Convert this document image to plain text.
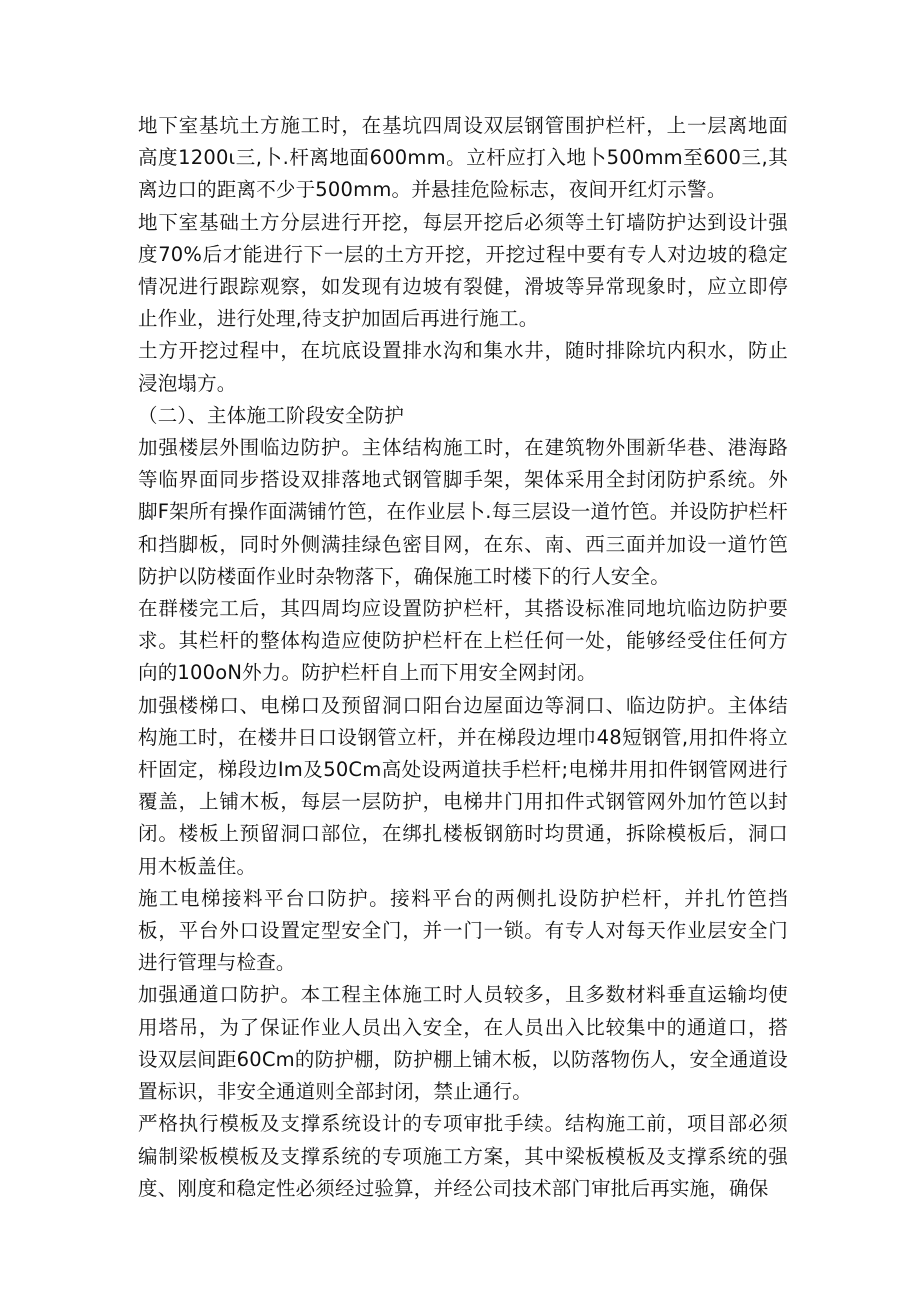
地下室基坑土方施工时，在基坑四周设双层钢管围护栏杆，上一层离地面高度1200ι三,卜.杆离地面600mm。立杆应打入地卜500mm至600三,其离边口的距离不少于500mm。并悬挂危险标志，夜间开红灯示警。

地下室基础土方分层进行开挖，每层开挖后必须等土钉墙防护达到设计强度70%后才能进行下一层的土方开挖，开挖过程中要有专人对边坡的稳定情况进行跟踪观察，如发现有边坡有裂健，滑坡等异常现象时，应立即停止作业，进行处理,待支护加固后再进行施工。

土方开挖过程中，在坑底设置排水沟和集水井，随时排除坑内积水，防止浸泡塌方。

（二）、主体施工阶段安全防护

加强楼层外围临边防护。主体结构施工时，在建筑物外围新华巷、港海路等临界面同步搭设双排落地式钢管脚手架，架体采用全封闭防护系统。外脚F架所有操作面满铺竹笆，在作业层卜.每三层设一道竹笆。并设防护栏杆和挡脚板，同时外侧满挂绿色密目网，在东、南、西三面并加设一道竹笆防护以防楼面作业时杂物落下，确保施工时楼下的行人安全。

在群楼完工后，其四周均应设置防护栏杆，其搭设标准同地坑临边防护要求。其栏杆的整体构造应使防护栏杆在上栏任何一处，能够经受住任何方向的100oN外力。防护栏杆自上而下用安全网封闭。

加强楼梯口、电梯口及预留洞口阳台边屋面边等洞口、临边防护。主体结构施工时，在楼井日口设钢管立杆，并在梯段边埋巾48短钢管,用扣件将立杆固定，梯段边Im及50Cm高处设两道扶手栏杆;电梯井用扣件钢管网进行覆盖，上铺木板，每层一层防护，电梯井门用扣件式钢管网外加竹笆以封闭。楼板上预留洞口部位，在绑扎楼板钢筋时均贯通，拆除模板后，洞口用木板盖住。

施工电梯接料平台口防护。接料平台的两侧扎设防护栏杆，并扎竹笆挡板，平台外口设置定型安全门，并一门一锁。有专人对每天作业层安全门进行管理与检查。

加强通道口防护。本工程主体施工时人员较多，且多数材料垂直运输均使用塔吊，为了保证作业人员出入安全，在人员出入比较集中的通道口，搭设双层间距60Cm的防护棚，防护棚上铺木板，以防落物伤人，安全通道设置标识，非安全通道则全部封闭，禁止通行。

严格执行模板及支撑系统设计的专项审批手续。结构施工前，项目部必须编制梁板模板及支撑系统的专项施工方案，其中梁板模板及支撑系统的强度、刚度和稳定性必须经过验算，并经公司技术部门审批后再实施，确保
